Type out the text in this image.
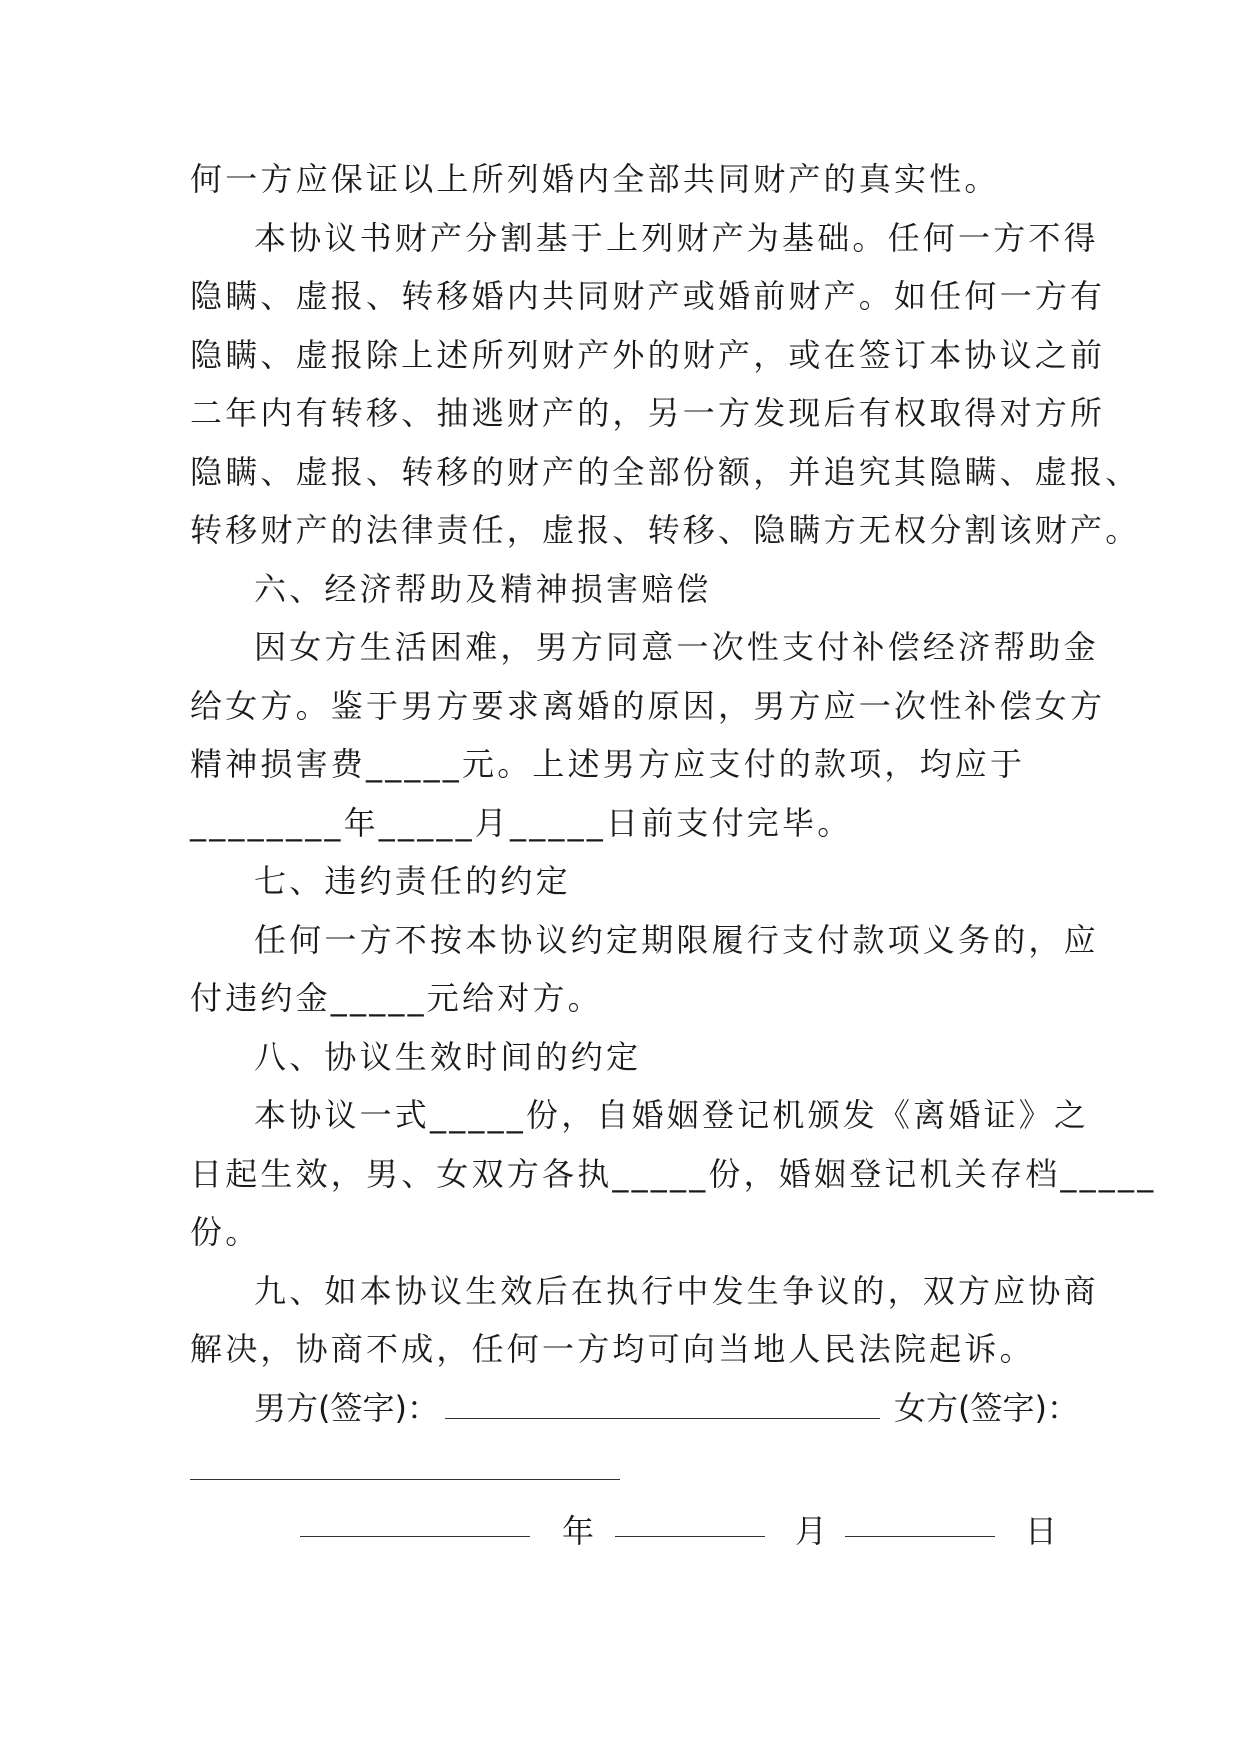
何一方应保证以上所列婚内全部共同财产的真实性。
本协议书财产分割基于上列财产为基础。任何一方不得
隐瞒、虚报、转移婚内共同财产或婚前财产。如任何一方有
隐瞒、虚报除上述所列财产外的财产，或在签订本协议之前
二年内有转移、抽逃财产的，另一方发现后有权取得对方所
隐瞒、虚报、转移的财产的全部份额，并追究其隐瞒、虚报、
转移财产的法律责任，虚报、转移、隐瞒方无权分割该财产。
六、经济帮助及精神损害赔偿
因女方生活困难，男方同意一次性支付补偿经济帮助金
给女方。鉴于男方要求离婚的原因，男方应一次性补偿女方
精神损害费_____元。上述男方应支付的款项，均应于
________年_____月_____日前支付完毕。
七、违约责任的约定
任何一方不按本协议约定期限履行支付款项义务的，应
付违约金_____元给对方。
八、协议生效时间的约定
本协议一式_____份，自婚姻登记机颁发《离婚证》之
日起生效，男、女双方各执_____份，婚姻登记机关存档_____
份。
九、如本协议生效后在执行中发生争议的，双方应协商
解决，协商不成，任何一方均可向当地人民法院起诉。
男方(签字)：	女方(签字)：
年	月	日
